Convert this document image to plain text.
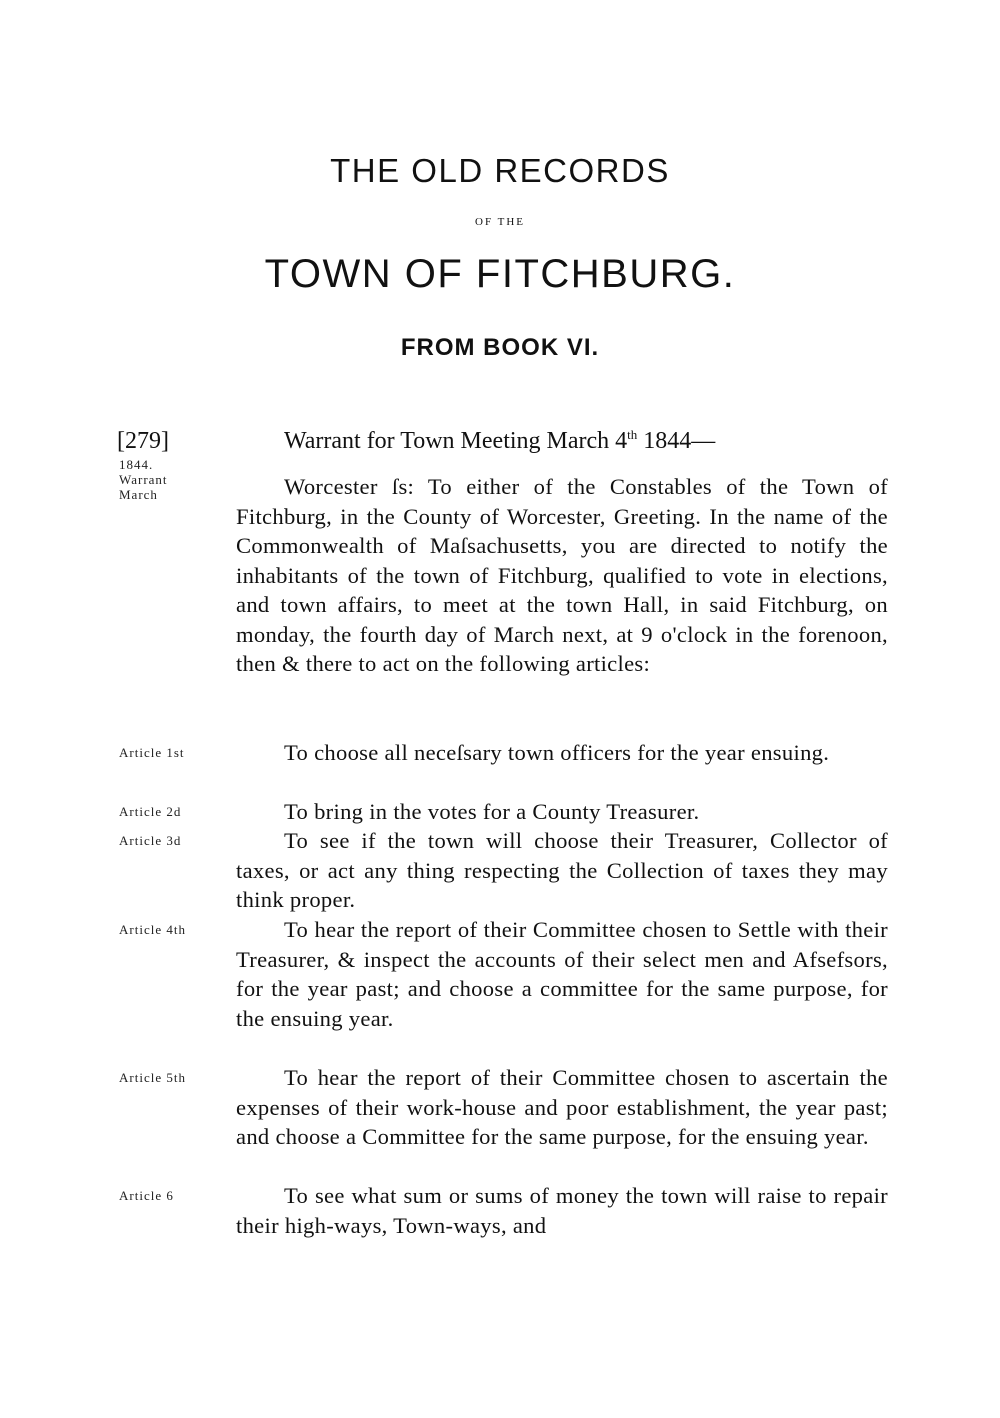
THE OLD RECORDS
OF THE
TOWN OF FITCHBURG.
FROM BOOK VI.
[279]
1844.
Warrant
March
Warrant for Town Meeting March 4th 1844—

Worcester ſs: To either of the Constables of the Town of Fitchburg, in the County of Worcester, Greeting. In the name of the Commonwealth of Maſsachusetts, you are directed to notify the inhabitants of the town of Fitchburg, qualified to vote in elections, and town affairs, to meet at the town Hall, in said Fitchburg, on monday, the fourth day of March next, at 9 o'clock in the forenoon, then & there to act on the following articles:

Article 1st	To choose all neceſsary town officers for the year ensuing.

Article 2d	To bring in the votes for a County Treasurer.

Article 3d	To see if the town will choose their Treasurer, Collector of taxes, or act any thing respecting the Collection of taxes they may think proper.

Article 4th	To hear the report of their Committee chosen to Settle with their Treasurer, & inspect the accounts of their select men and Afsefsors, for the year past; and choose a committee for the same purpose, for the ensuing year.

Article 5th	To hear the report of their Committee chosen to ascertain the expenses of their work-house and poor establishment, the year past; and choose a Committee for the same purpose, for the ensuing year.

Article 6	To see what sum or sums of money the town will raise to repair their high-ways, Town-ways, and
